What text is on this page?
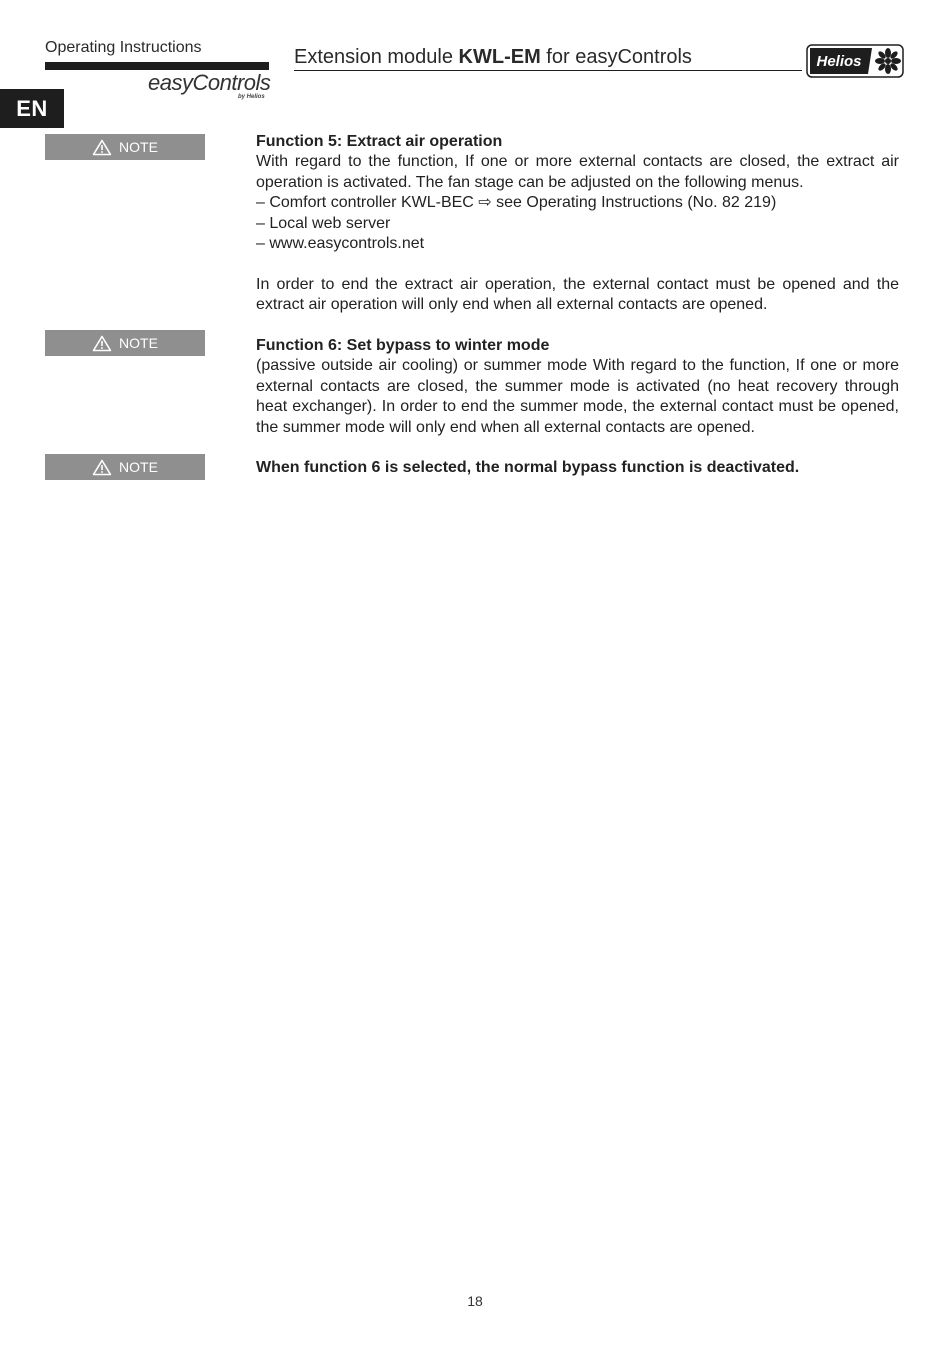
Operating Instructions	Extension module KWL-EM for easyControls
easyControls
by Helios
Helios
EN
NOTE
NOTE
NOTE

Function 5: Extract air operation

With regard to the function, If one or more external contacts are closed, the extract air operation is activated. The fan stage can be adjusted on the following menus.

– Comfort controller KWL-BEC ⇨ see Operating Instructions (No. 82 219)

– Local web server

– www.easycontrols.net

In order to end the extract air operation, the external contact must be opened and the extract air operation will only end when all external contacts are opened.

Function 6: Set bypass to winter mode

(passive outside air cooling) or summer mode With regard to the function, If one or more external contacts are closed, the summer mode is activated (no heat recovery through heat exchanger). In order to end the summer mode, the external contact must be opened, the summer mode will only end when all external contacts are opened.

When function 6 is selected, the normal bypass function is deactivated.

18
